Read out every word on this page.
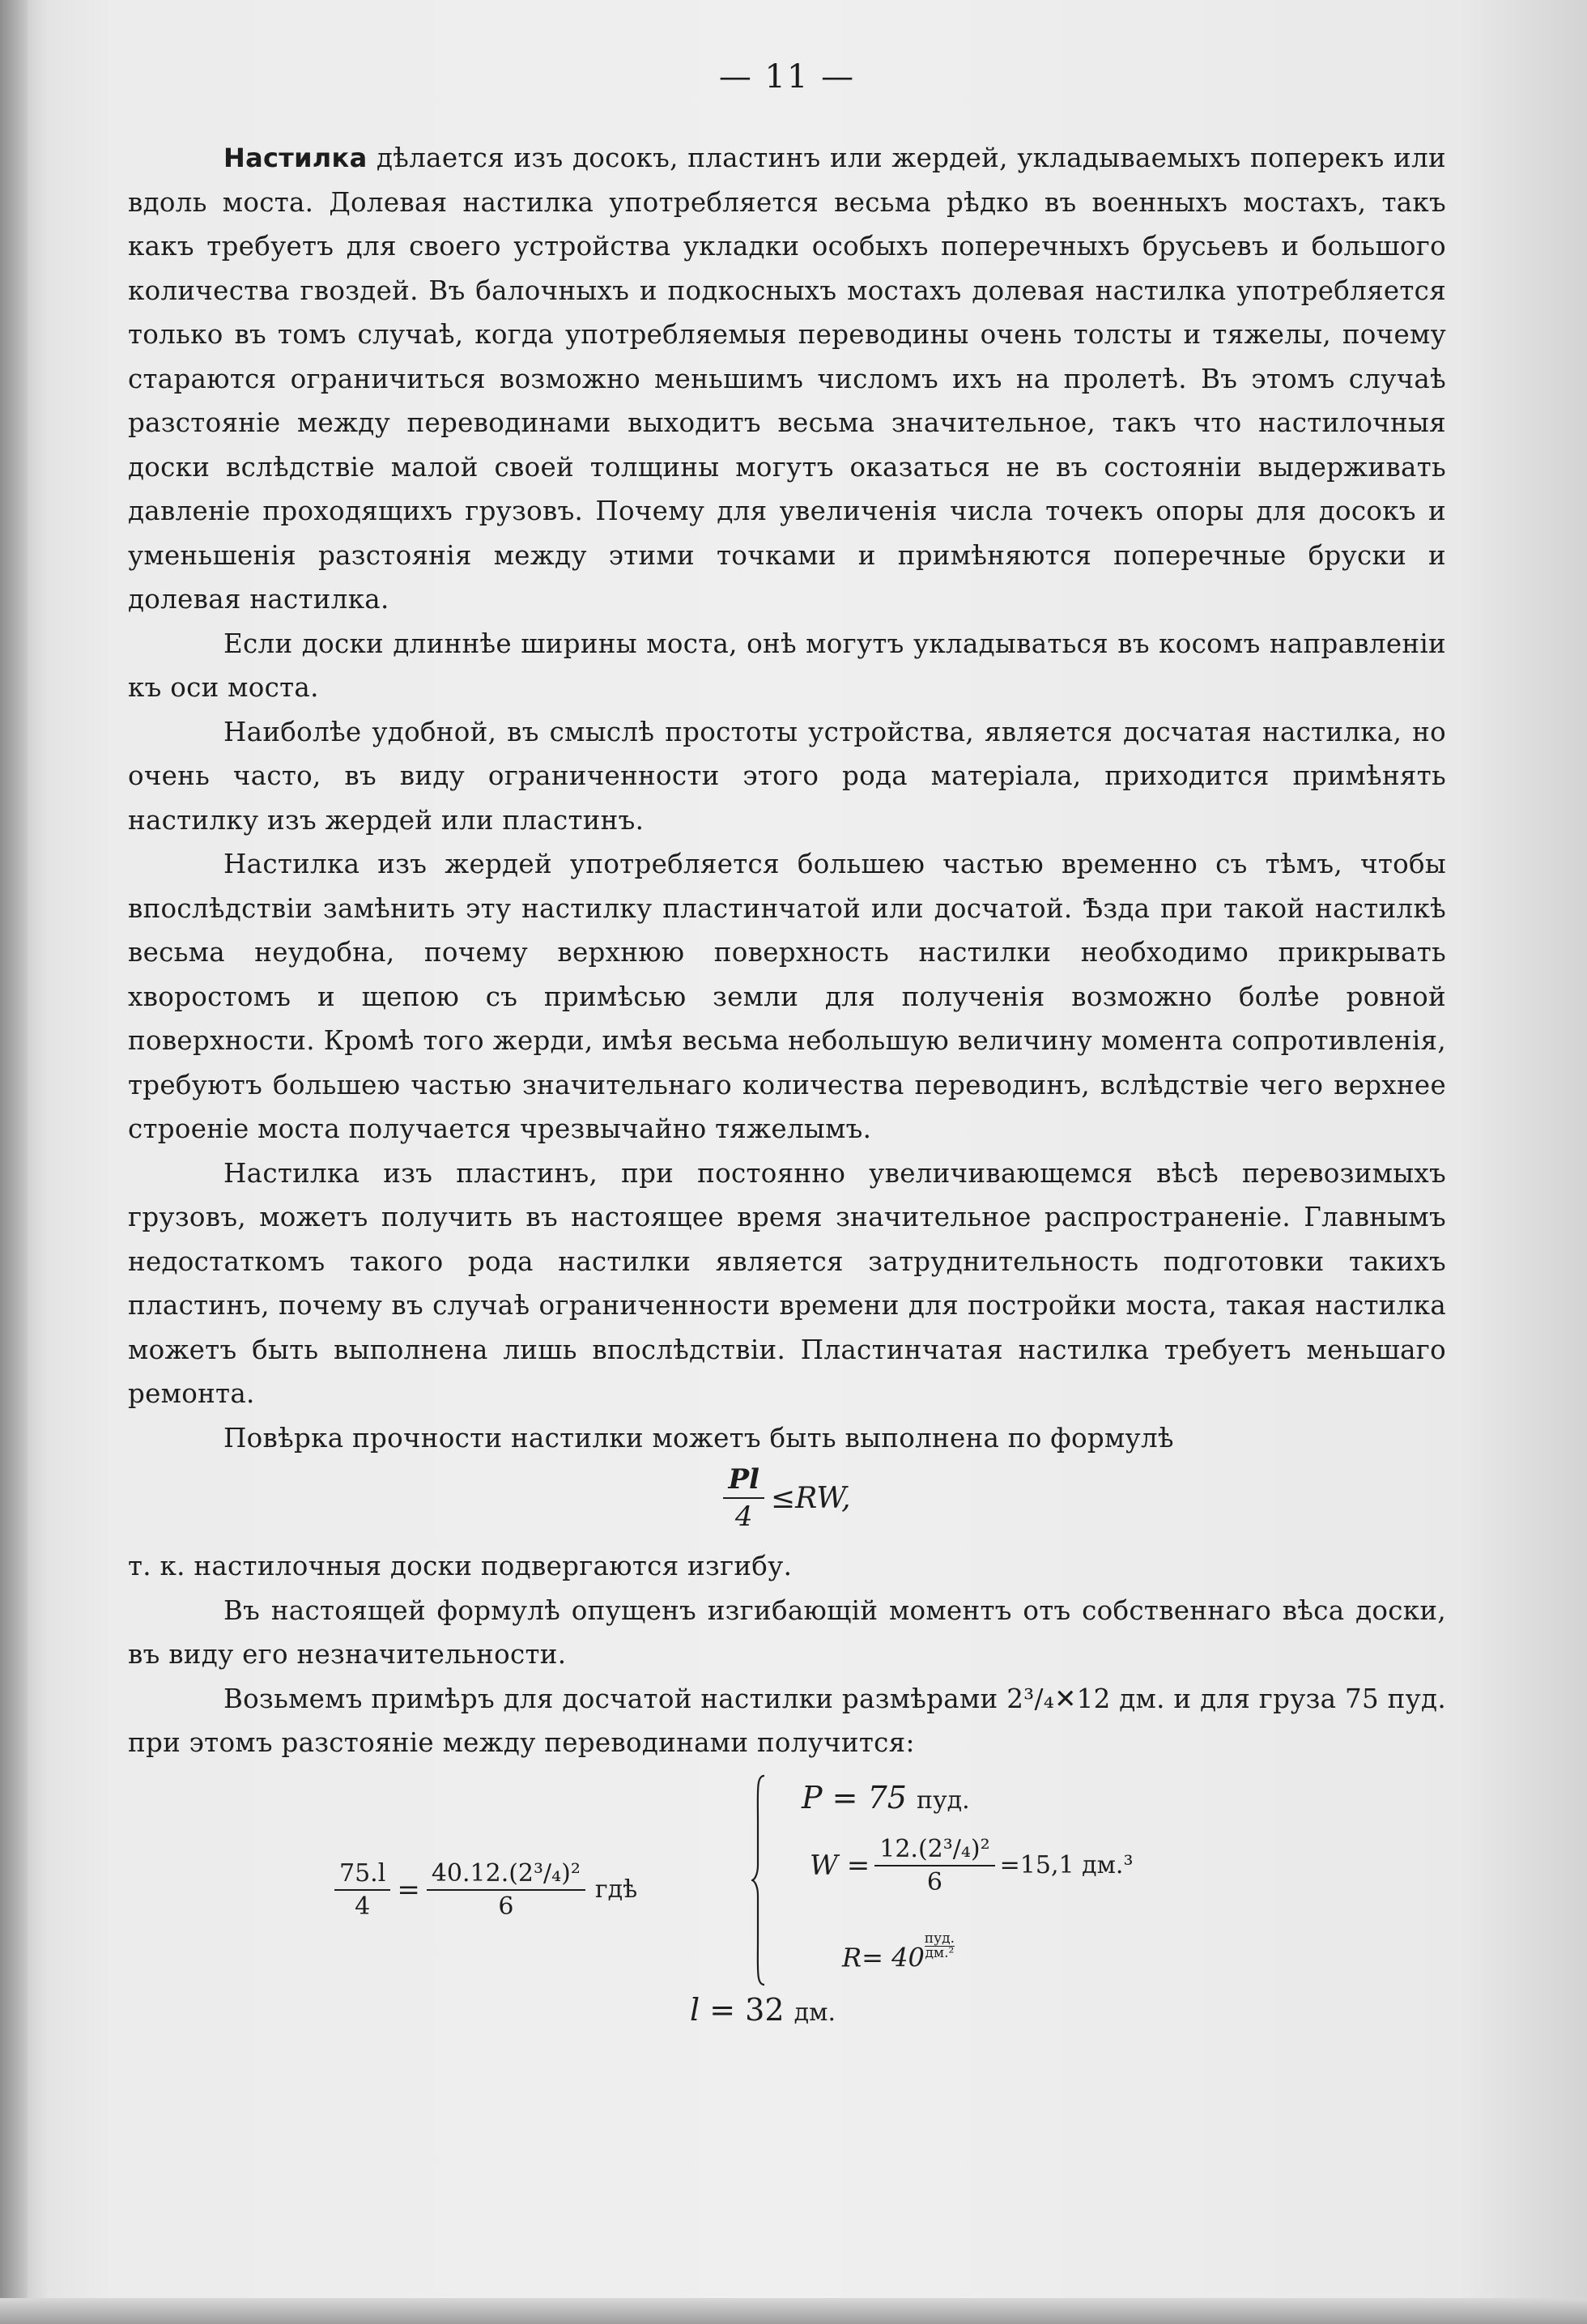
— 11 —

Настилка дѣлается изъ досокъ, пластинъ или жердей, укладываемыхъ поперекъ или вдоль моста. Долевая настилка употребляется весьма рѣдко въ военныхъ мостахъ, такъ какъ требуетъ для своего устройства укладки особыхъ поперечныхъ брусьевъ и большого количества гвоздей. Въ балочныхъ и подкосныхъ мостахъ долевая настилка употребляется только въ томъ случаѣ, когда употребляемыя переводины очень толсты и тяжелы, почему стараются ограничиться возможно меньшимъ числомъ ихъ на пролетѣ. Въ этомъ случаѣ разстояніе между переводинами выходитъ весьма значительное, такъ что настилочныя доски вслѣдствіе малой своей толщины могутъ оказаться не въ состояніи выдерживать давленіе проходящихъ грузовъ. Почему для увеличенія числа точекъ опоры для досокъ и уменьшенія разстоянія между этими точками и примѣняются поперечные бруски и долевая настилка.

Если доски длиннѣе ширины моста, онѣ могутъ укладываться въ косомъ направленіи къ оси моста.

Наиболѣе удобной, въ смыслѣ простоты устройства, является досчатая настилка, но очень часто, въ виду ограниченности этого рода матеріала, приходится примѣнять настилку изъ жердей или пластинъ.

Настилка изъ жердей употребляется большею частью временно съ тѣмъ, чтобы впослѣдствіи замѣнить эту настилку пластинчатой или досчатой. Ѣзда при такой настилкѣ весьма неудобна, почему верхнюю поверхность настилки необходимо прикрывать хворостомъ и щепою съ примѣсью земли для полученія возможно болѣе ровной поверхности. Кромѣ того жерди, имѣя весьма небольшую величину момента сопротивленія, требуютъ большею частью значительнаго количества переводинъ, вслѣдствіе чего верхнее строеніе моста получается чрезвычайно тяжелымъ.

Настилка изъ пластинъ, при постоянно увеличивающемся вѣсѣ перевозимыхъ грузовъ, можетъ получить въ настоящее время значительное распространеніе. Главнымъ недостаткомъ такого рода настилки является затруднительность подготовки такихъ пластинъ, почему въ случаѣ ограниченности времени для постройки моста, такая настилка можетъ быть выполнена лишь впослѣдствіи. Пластинчатая настилка требуетъ меньшаго ремонта.

Повѣрка прочности настилки можетъ быть выполнена по формулѣ

$\frac{Pl}{4} \le RW$,

т. к. настилочныя доски подвергаются изгибу.

Въ настоящей формулѣ опущенъ изгибающій моментъ отъ собственнаго вѣса доски, въ виду его незначительности.

Возьмемъ примѣръ для досчатой настилки размѣрами 2³/₄✕12 дм. и для груза 75 пуд. при этомъ разстояніе между переводинами получится:

$\frac{75.l}{4} = \frac{\text{40.12.(2³/₄)²}}{6}$ гдѣ
P = 75 пуд.
$W = \frac{\text{12.(2³/₄)²}}{6} =15,1$ дм.³
R= 40
пуд.
дм.²
l = 32 дм.
